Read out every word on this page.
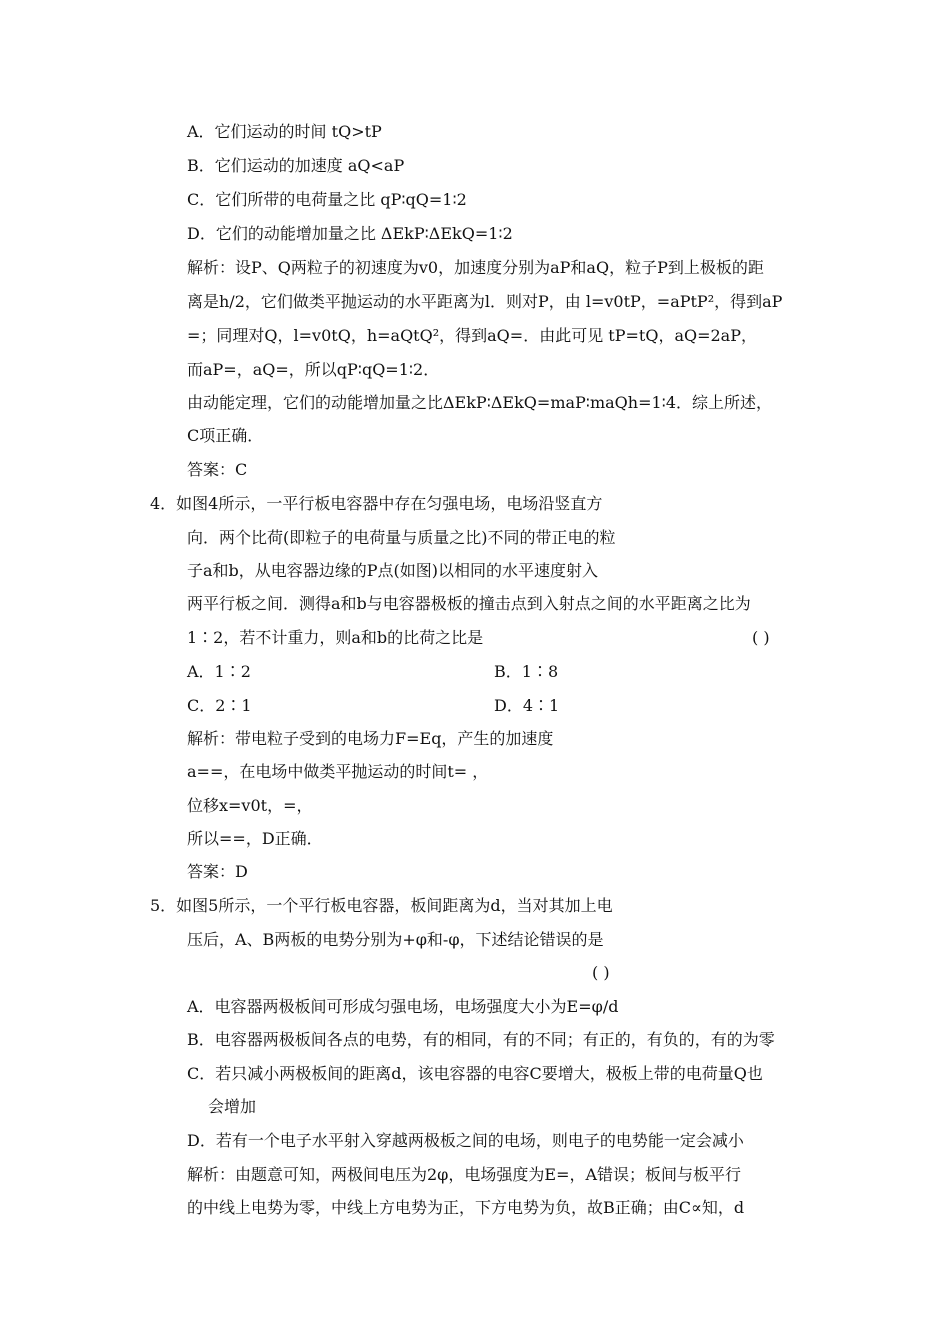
A．它们运动的时间 tQ>tP
B．它们运动的加速度 aQ<aP
C．它们所带的电荷量之比 qP∶qQ=1∶2
D．它们的动能增加量之比 ΔEkP∶ΔEkQ=1∶2
解析：设P、Q两粒子的初速度为v0，加速度分别为aP和aQ，粒子P到上极板的距
离是h/2，它们做类平抛运动的水平距离为l．则对P，由 l=v0tP，=aPtP²，得到aP
=；同理对Q，l=v0tQ，h=aQtQ²，得到aQ=．由此可见 tP=tQ，aQ=2aP，
而aP=，aQ=，所以qP∶qQ=1∶2．
由动能定理，它们的动能增加量之比ΔEkP∶ΔEkQ=maP∶maQh=1∶4．综上所述，
C项正确．
答案：C
4．如图4所示，一平行板电容器中存在匀强电场，电场沿竖直方
向．两个比荷(即粒子的电荷量与质量之比)不同的带正电的粒
子a和b，从电容器边缘的P点(如图)以相同的水平速度射入
两平行板之间．测得a和b与电容器极板的撞击点到入射点之间的水平距离之比为
1∶2，若不计重力，则a和b的比荷之比是	( )
A．1∶2	B．1∶8
C．2∶1	D．4∶1
解析：带电粒子受到的电场力F=Eq，产生的加速度
a==，在电场中做类平抛运动的时间t= ，
位移x=v0t，=，
所以==，D正确．
答案：D
5．如图5所示，一个平行板电容器，板间距离为d，当对其加上电
压后，A、B两板的电势分别为+φ和-φ，下述结论错误的是
( )
A．电容器两极板间可形成匀强电场，电场强度大小为E=φ/d
B．电容器两极板间各点的电势，有的相同，有的不同；有正的，有负的，有的为零
C．若只减小两极板间的距离d，该电容器的电容C要增大，极板上带的电荷量Q也
会增加
D．若有一个电子水平射入穿越两极板之间的电场，则电子的电势能一定会减小
解析：由题意可知，两极间电压为2φ，电场强度为E=，A错误；板间与板平行
的中线上电势为零，中线上方电势为正，下方电势为负，故B正确；由C∝知，d
